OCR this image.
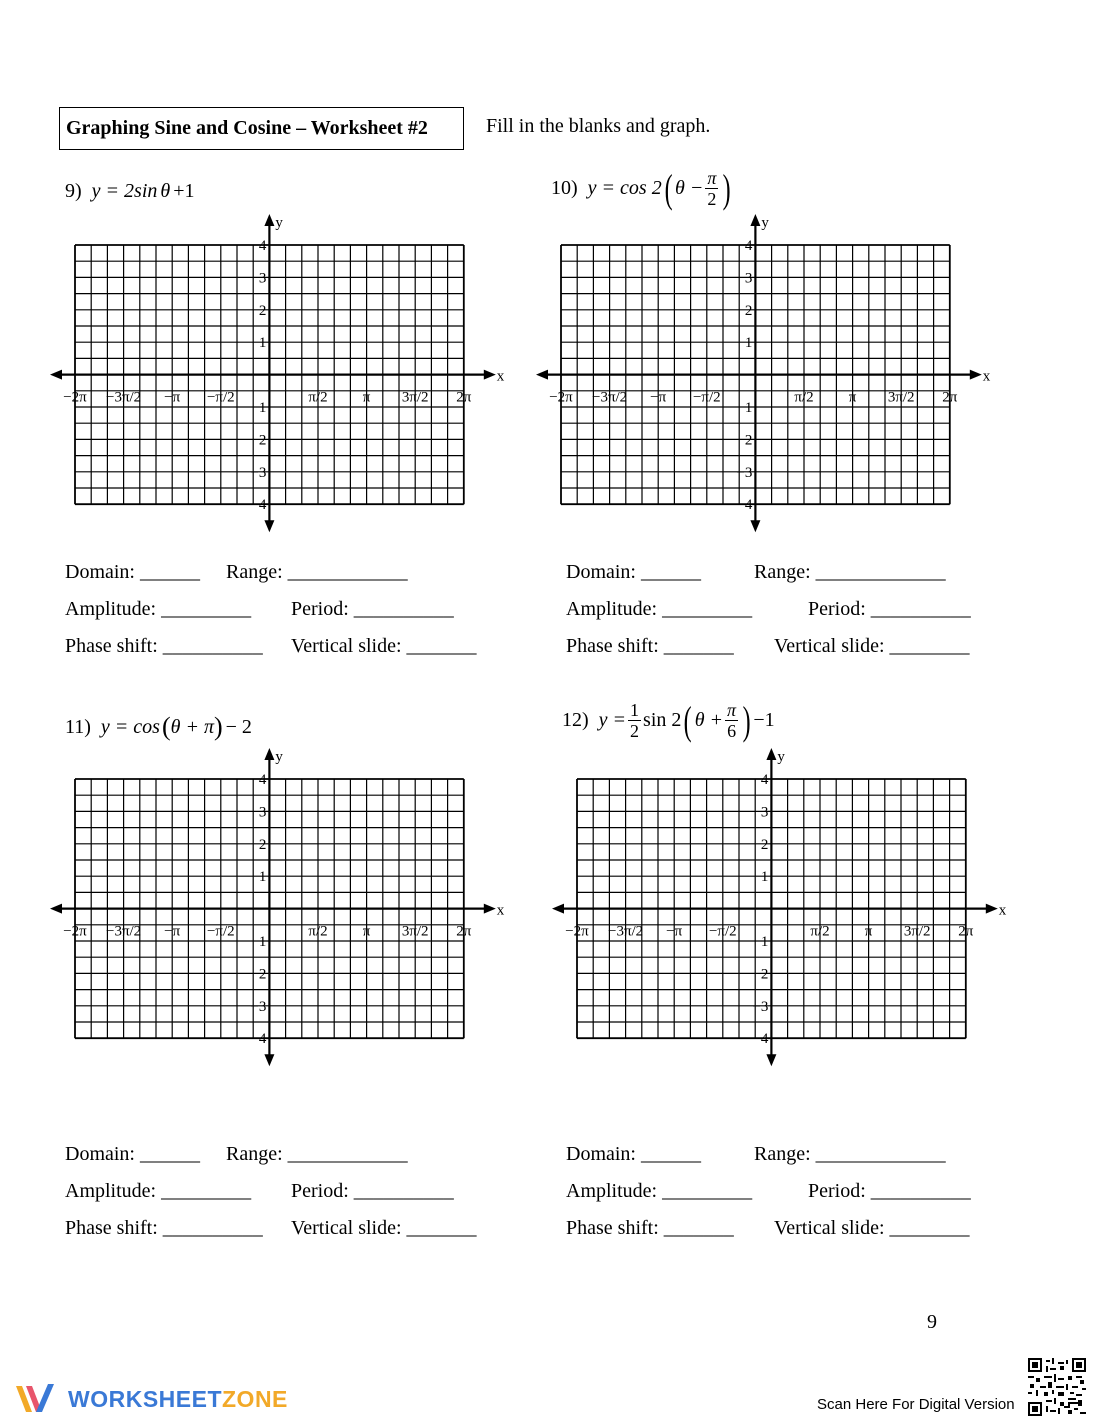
Graphing Sine and Cosine – Worksheet #2	Fill in the blanks and graph.
9) y = 2sin θ +1	10) y = cos 2 ( $\theta - \frac{\pi}{2}$ )
11) y = cos ( θ + π ) − 2	12) $y = \frac{1}{2}$ sin 2 ( $\theta + \frac{\pi}{6}$ ) −1
x
y
−2π −3π/2 −π −π/2	π/2 π 3π/2 2π
4
3
2
1
−1
−2
−3
−4
x
y
−2π −3π/2 −π −π/2	π/2 π 3π/2 2π
4
3
2
1
−1
−2
−3
−4
x
y
−2π −3π/2 −π −π/2	π/2 π 3π/2 2π
4
3
2
1
−1
−2
−3
−4
x
y
−2π −3π/2 −π −π/2	π/2 π 3π/2 2π
4
3
2
1
−1
−2
−3
−4
Domain: ______ Range: ____________
Amplitude: _________ Period: __________
Phase shift: __________ Vertical slide: _______
Domain: ______	Range: _____________
Amplitude: _________	Period: __________
Phase shift: _______ Vertical slide: ________
Domain: ______ Range: ____________
Amplitude: _________ Period: __________
Phase shift: __________ Vertical slide: _______
Domain: ______	Range: _____________
Amplitude: _________	Period: __________
Phase shift: _______ Vertical slide: ________
9
WORKSHEETZONE	Scan Here For Digital Version
